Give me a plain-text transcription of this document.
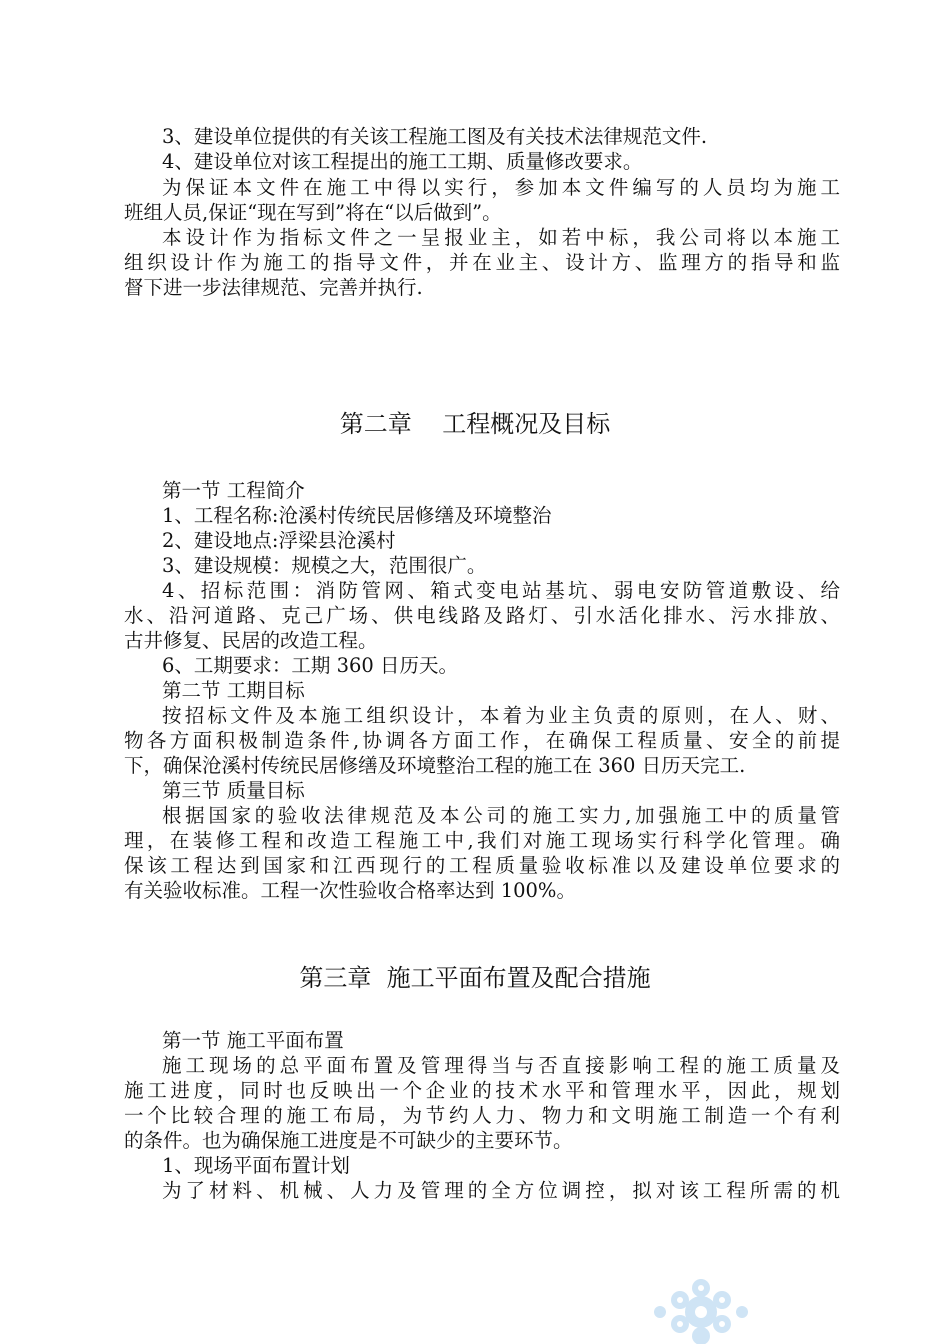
3、建设单位提供的有关该工程施工图及有关技术法律规范文件.
4、建设单位对该工程提出的施工工期、质量修改要求。
为保证本文件在施工中得以实行，参加本文件编写的人员均为施工
班组人员,保证“现在写到”将在“以后做到”。
本设计作为指标文件之一呈报业主，如若中标，我公司将以本施工
组织设计作为施工的指导文件，并在业主、设计方、监理方的指导和监
督下进一步法律规范、完善并执行.
第二章    工程概况及目标
第一节 工程简介
1、工程名称:沧溪村传统民居修缮及环境整治
2、建设地点:浮梁县沧溪村
3、建设规模：规模之大，范围很广。
4、招标范围：消防管网、箱式变电站基坑、弱电安防管道敷设、给
水、沿河道路、克己广场、供电线路及路灯、引水活化排水、污水排放、
古井修复、民居的改造工程。
6、工期要求：工期 360 日历天。
第二节 工期目标
按招标文件及本施工组织设计，本着为业主负责的原则，在人、财、
物各方面积极制造条件,协调各方面工作，在确保工程质量、安全的前提
下，确保沧溪村传统民居修缮及环境整治工程的施工在 360 日历天完工.
第三节 质量目标
根据国家的验收法律规范及本公司的施工实力,加强施工中的质量管
理，在装修工程和改造工程施工中,我们对施工现场实行科学化管理。确
保该工程达到国家和江西现行的工程质量验收标准以及建设单位要求的
有关验收标准。工程一次性验收合格率达到 100%。
第三章  施工平面布置及配合措施
第一节 施工平面布置
施工现场的总平面布置及管理得当与否直接影响工程的施工质量及
施工进度，同时也反映出一个企业的技术水平和管理水平，因此，规划
一个比较合理的施工布局，为节约人力、物力和文明施工制造一个有利
的条件。也为确保施工进度是不可缺少的主要环节。
1、现场平面布置计划
为了材料、机械、人力及管理的全方位调控，拟对该工程所需的机
